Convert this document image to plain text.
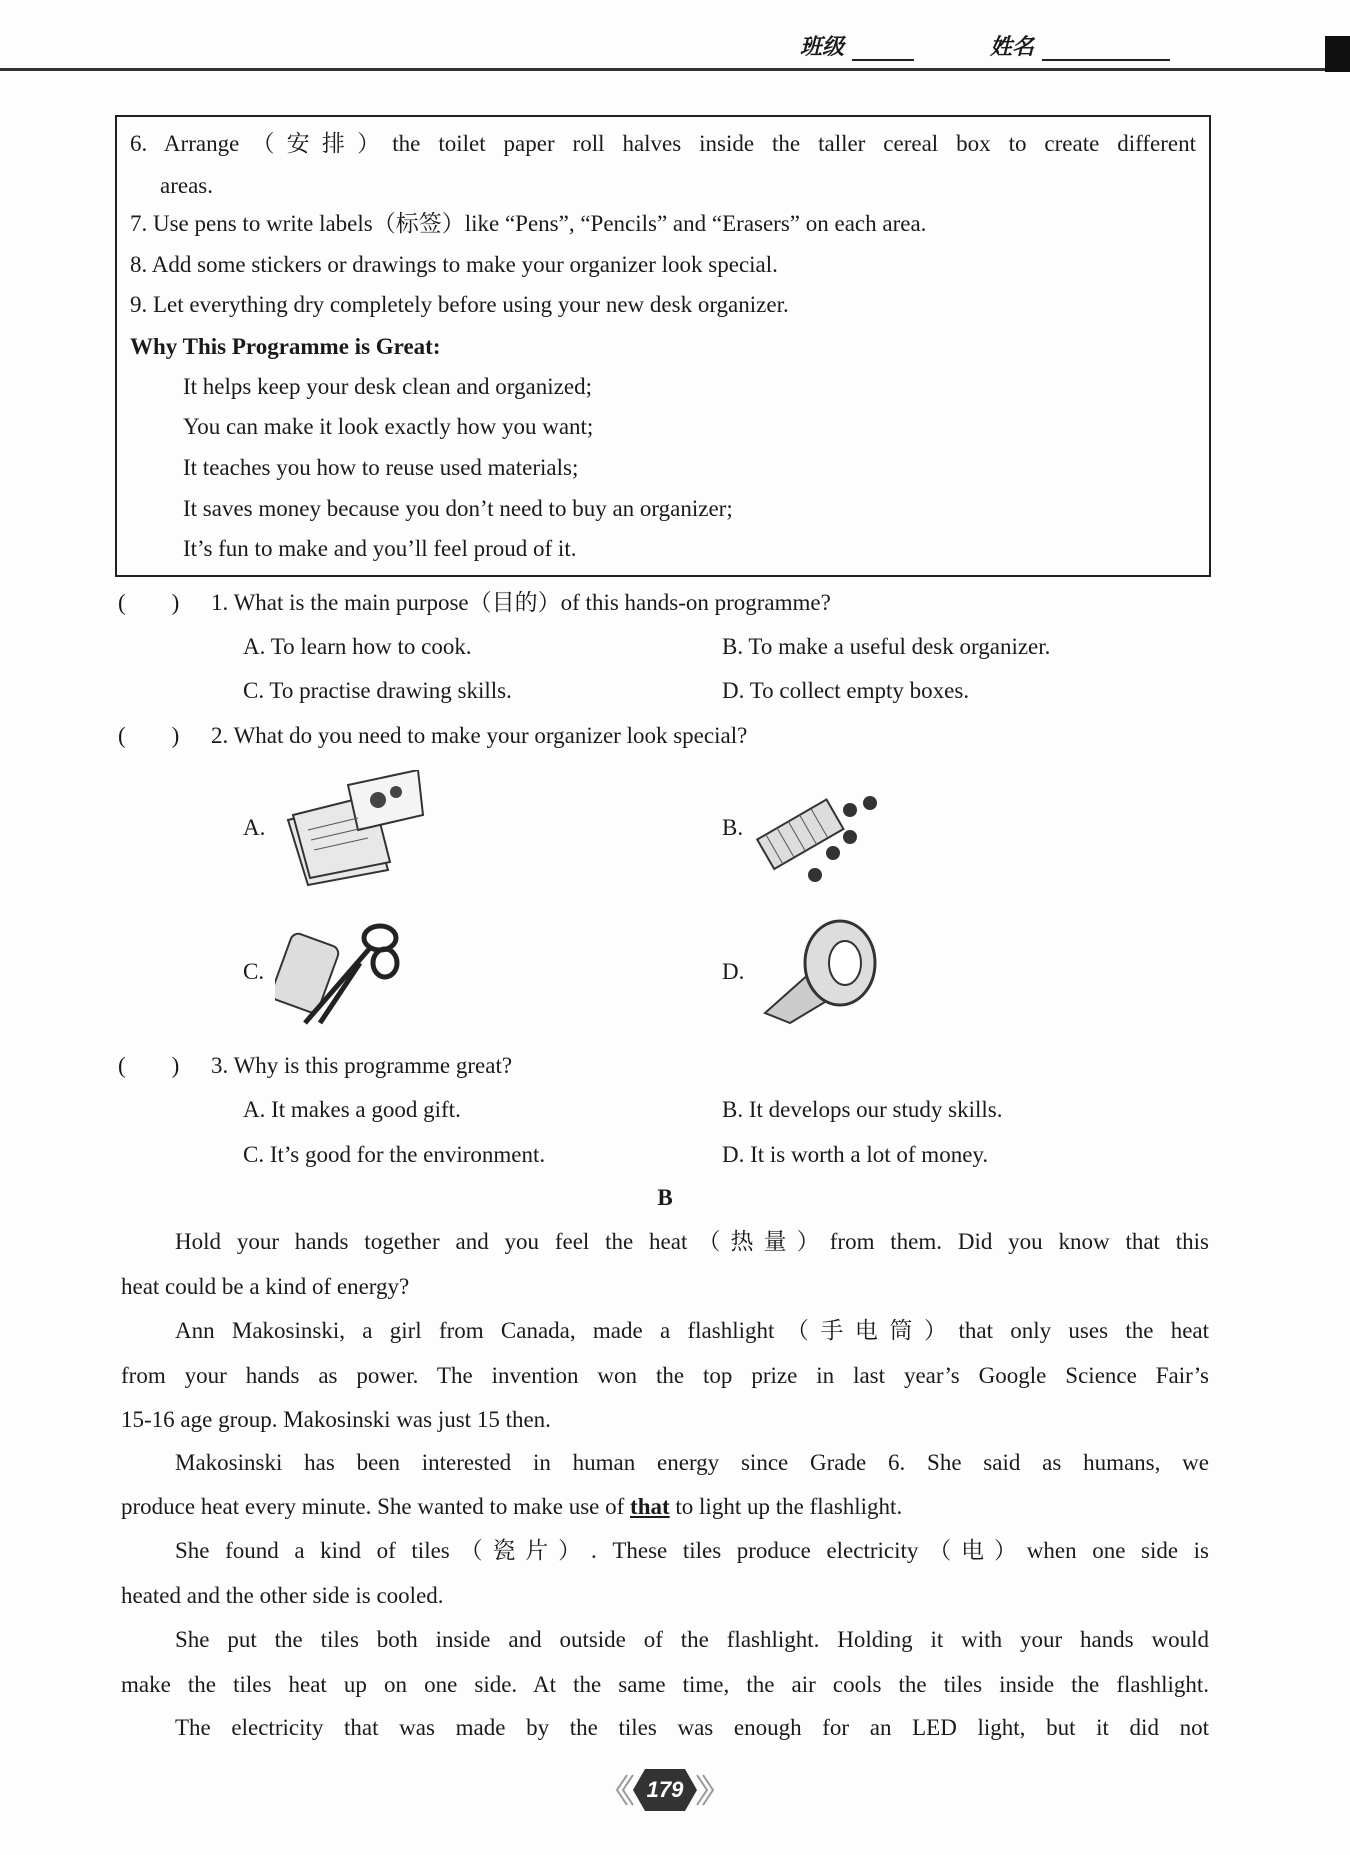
班级	姓名
6. Arrange（安排）the toilet paper roll halves inside the taller cereal box to create different
areas.
7. Use pens to write labels（标签）like “Pens”, “Pencils” and “Erasers” on each area.
8. Add some stickers or drawings to make your organizer look special.
9. Let everything dry completely before using your new desk organizer.
Why This Programme is Great:
It helps keep your desk clean and organized;
You can make it look exactly how you want;
It teaches you how to reuse used materials;
It saves money because you don’t need to buy an organizer;
It’s fun to make and you’ll feel proud of it.
(　　) 1. What is the main purpose（目的）of this hands-on programme?
A. To learn how to cook.	B. To make a useful desk organizer.
C. To practise drawing skills.	D. To collect empty boxes.
(　　) 2. What do you need to make your organizer look special?
A.	B.
C.	D.
(　　) 3. Why is this programme great?
A. It makes a good gift.	B. It develops our study skills.
C. It’s good for the environment.	D. It is worth a lot of money.
B
Hold your hands together and you feel the heat（热量）from them. Did you know that this
heat could be a kind of energy?
Ann Makosinski, a girl from Canada, made a flashlight（手电筒）that only uses the heat
from your hands as power. The invention won the top prize in last year’s Google Science Fair’s
15-16 age group. Makosinski was just 15 then.
Makosinski has been interested in human energy since Grade 6. She said as humans, we
produce heat every minute. She wanted to make use of that to light up the flashlight.
She found a kind of tiles（瓷片）. These tiles produce electricity（电）when one side is
heated and the other side is cooled.
She put the tiles both inside and outside of the flashlight. Holding it with your hands would
make the tiles heat up on one side. At the same time, the air cools the tiles inside the flashlight.
The electricity that was made by the tiles was enough for an LED light, but it did not
179
